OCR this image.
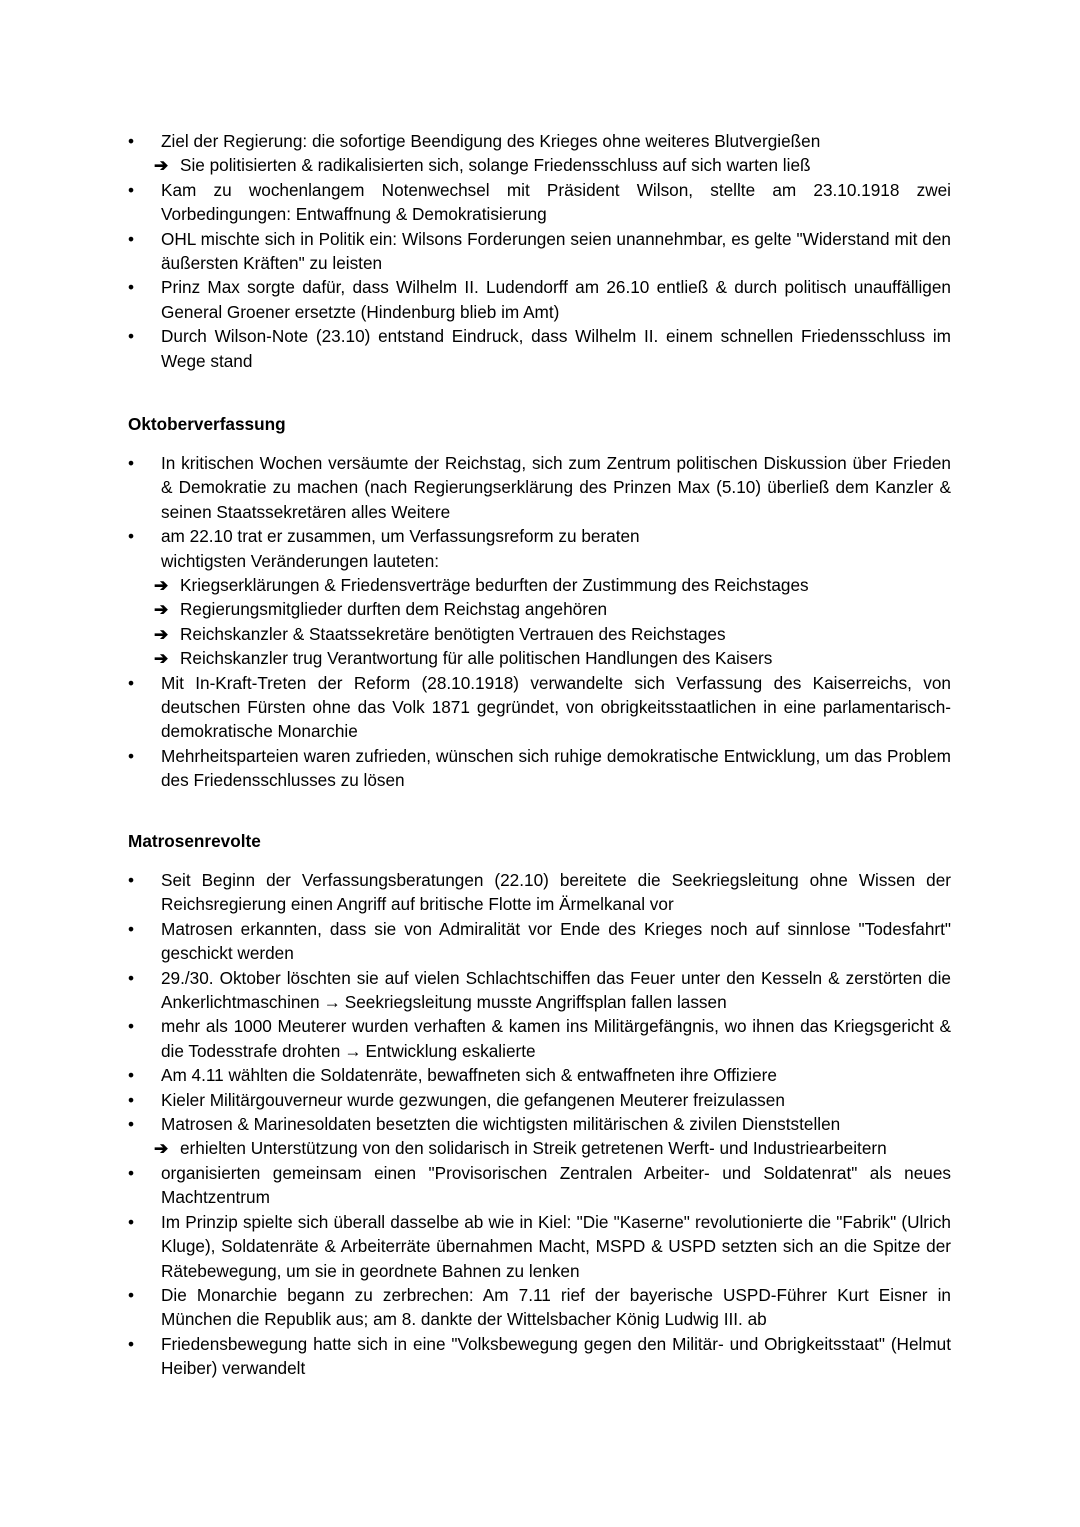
•
Ziel der Regierung: die sofortige Beendigung des Krieges ohne weiteres Blutvergießen
➔ Sie politisierten & radikalisierten sich, solange Friedensschluss auf sich warten ließ
•
Kam zu wochenlangem Notenwechsel mit Präsident Wilson, stellte am 23.10.1918 zwei Vorbedingungen: Entwaffnung & Demokratisierung
•
OHL mischte sich in Politik ein: Wilsons Forderungen seien unannehmbar, es gelte "Widerstand mit den äußersten Kräften" zu leisten
•
Prinz Max sorgte dafür, dass Wilhelm II. Ludendorff am 26.10 entließ & durch politisch unauffälligen General Groener ersetzte (Hindenburg blieb im Amt)
•
Durch Wilson-Note (23.10) entstand Eindruck, dass Wilhelm II. einem schnellen Friedensschluss im Wege stand
Oktoberverfassung
•
In kritischen Wochen versäumte der Reichstag, sich zum Zentrum politischen Diskussion über Frieden & Demokratie zu machen (nach Regierungserklärung des Prinzen Max (5.10) überließ dem Kanzler & seinen Staatssekretären alles Weitere
•
am 22.10 trat er zusammen, um Verfassungsreform zu beraten
wichtigsten Veränderungen lauteten:
➔ Kriegserklärungen & Friedensverträge bedurften der Zustimmung des Reichstages
➔ Regierungsmitglieder durften dem Reichstag angehören
➔ Reichskanzler & Staatssekretäre benötigten Vertrauen des Reichstages
➔ Reichskanzler trug Verantwortung für alle politischen Handlungen des Kaisers
•
Mit In-Kraft-Treten der Reform (28.10.1918) verwandelte sich Verfassung des Kaiserreichs, von deutschen Fürsten ohne das Volk 1871 gegründet, von obrigkeitsstaatlichen in eine parlamentarisch-demokratische Monarchie
•
Mehrheitsparteien waren zufrieden, wünschen sich ruhige demokratische Entwicklung, um das Problem des Friedensschlusses zu lösen
Matrosenrevolte
•
Seit Beginn der Verfassungsberatungen (22.10) bereitete die Seekriegsleitung ohne Wissen der Reichsregierung einen Angriff auf britische Flotte im Ärmelkanal vor
•
Matrosen erkannten, dass sie von Admiralität vor Ende des Krieges noch auf sinnlose "Todesfahrt" geschickt werden
•
29./30. Oktober löschten sie auf vielen Schlachtschiffen das Feuer unter den Kesseln & zerstörten die Ankerlichtmaschinen → Seekriegsleitung musste Angriffsplan fallen lassen
•
mehr als 1000 Meuterer wurden verhaften & kamen ins Militärgefängnis, wo ihnen das Kriegsgericht & die Todesstrafe drohten → Entwicklung eskalierte
•
Am 4.11 wählten die Soldatenräte, bewaffneten sich & entwaffneten ihre Offiziere
•
Kieler Militärgouverneur wurde gezwungen, die gefangenen Meuterer freizulassen
•
Matrosen & Marinesoldaten besetzten die wichtigsten militärischen & zivilen Dienststellen
➔ erhielten Unterstützung von den solidarisch in Streik getretenen Werft- und Industriearbeitern
•
organisierten gemeinsam einen "Provisorischen Zentralen Arbeiter- und Soldatenrat" als neues Machtzentrum
•
Im Prinzip spielte sich überall dasselbe ab wie in Kiel: "Die "Kaserne" revolutionierte die "Fabrik" (Ulrich Kluge), Soldatenräte & Arbeiterräte übernahmen Macht, MSPD & USPD setzten sich an die Spitze der Rätebewegung, um sie in geordnete Bahnen zu lenken
•
Die Monarchie begann zu zerbrechen: Am 7.11 rief der bayerische USPD-Führer Kurt Eisner in München die Republik aus; am 8. dankte der Wittelsbacher König Ludwig III. ab
•
Friedensbewegung hatte sich in eine "Volksbewegung gegen den Militär- und Obrigkeitsstaat" (Helmut Heiber) verwandelt
